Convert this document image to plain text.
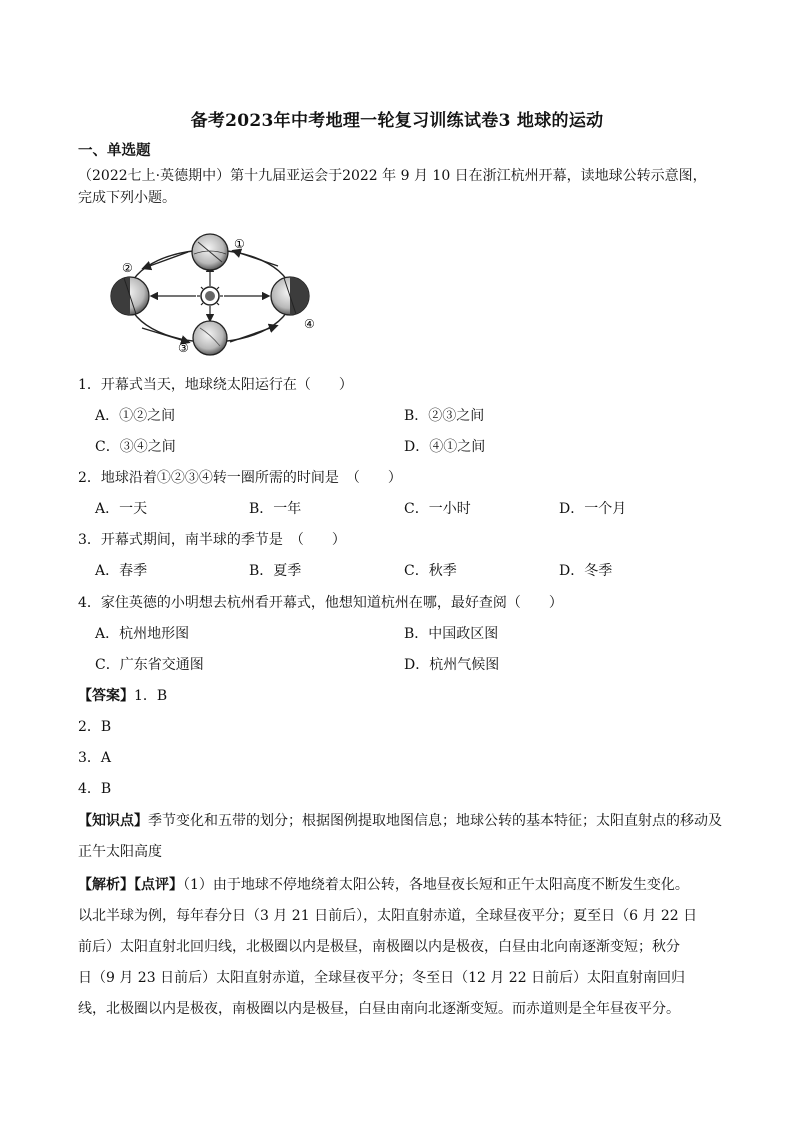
备考2023年中考地理一轮复习训练试卷3 地球的运动
一、单选题
（2022七上·英德期中）第十九届亚运会于2022 年 9 月 10 日在浙江杭州开幕，读地球公转示意图，
完成下列小题。
①
②
③
④
1．开幕式当天，地球绕太阳运行在（　　）
A．①②之间	B．②③之间
C．③④之间	D．④①之间
2．地球沿着①②③④转一圈所需的时间是　（　　）
A．一天	B．一年	C．一小时	D．一个月
3．开幕式期间，南半球的季节是　（　　）
A．春季	B．夏季	C．秋季	D．冬季
4．家住英德的小明想去杭州看开幕式，他想知道杭州在哪，最好查阅（　　）
A．杭州地形图	B．中国政区图
C．广东省交通图	D．杭州气候图
【答案】1．B
2．B
3．A
4．B
【知识点】季节变化和五带的划分；根据图例提取地图信息；地球公转的基本特征；太阳直射点的移动及
正午太阳高度
【解析】【点评】（1）由于地球不停地绕着太阳公转，各地昼夜长短和正午太阳高度不断发生变化。
以北半球为例，每年春分日（3 月 21 日前后），太阳直射赤道，全球昼夜平分；夏至日（6 月 22 日
前后）太阳直射北回归线，北极圈以内是极昼，南极圈以内是极夜，白昼由北向南逐渐变短；秋分
日（9 月 23 日前后）太阳直射赤道，全球昼夜平分；冬至日（12 月 22 日前后）太阳直射南回归
线，北极圈以内是极夜，南极圈以内是极昼，白昼由南向北逐渐变短。而赤道则是全年昼夜平分。
